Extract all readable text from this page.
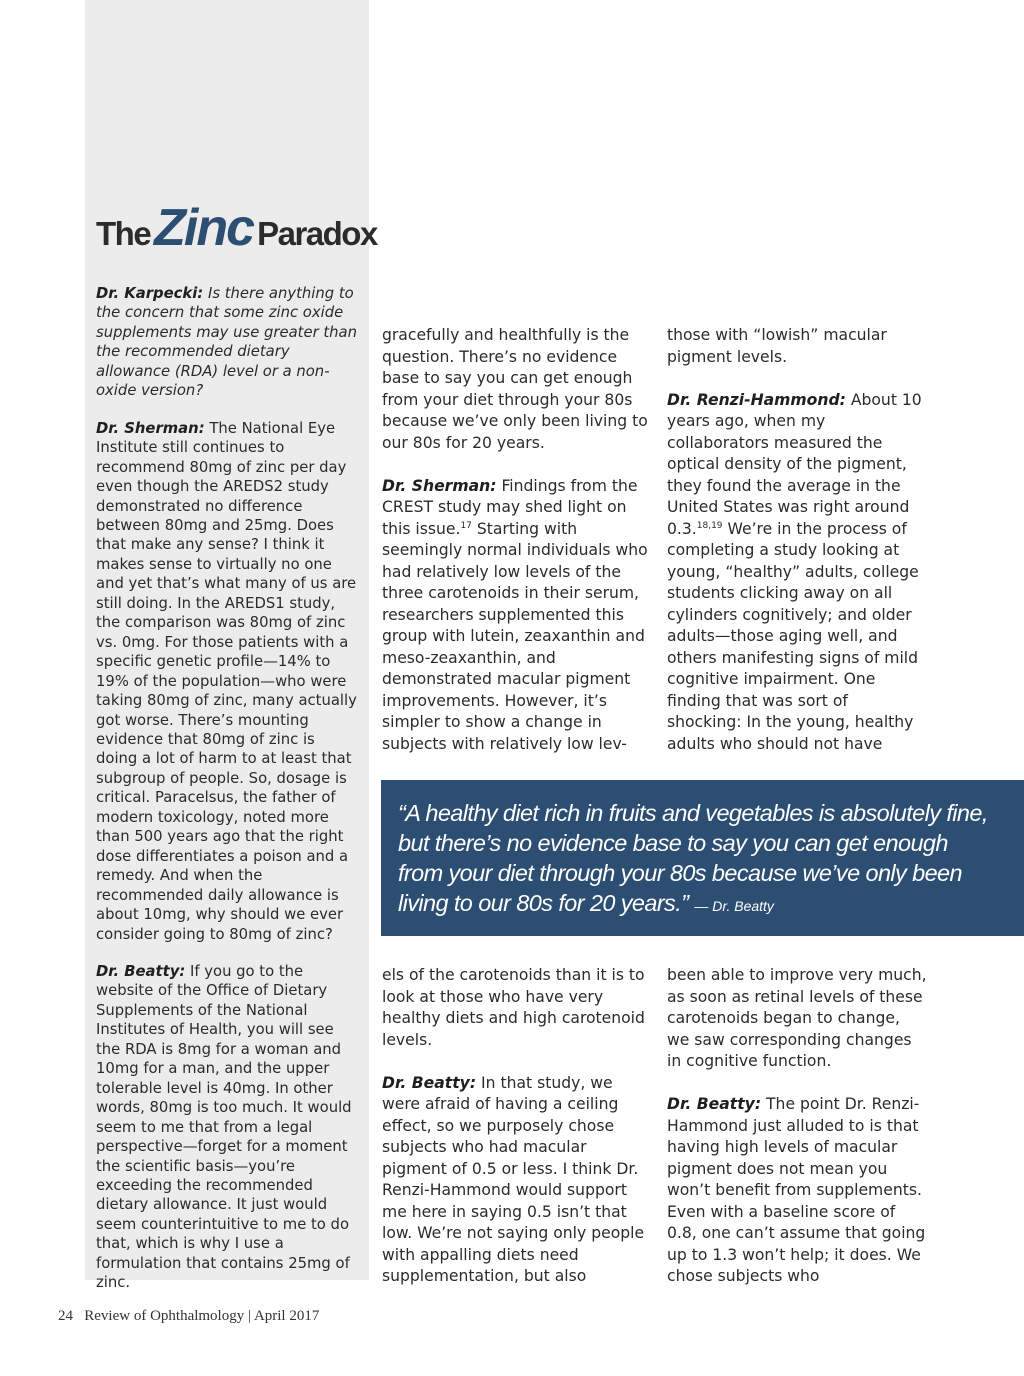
TheZinc Paradox

Dr. Karpecki: Is there anything to the concern that some zinc oxide supplements may use greater than the recommended dietary allowance (RDA) level or a non-oxide version?

Dr. Sherman: The National Eye Institute still continues to recommend 80mg of zinc per day even though the AREDS2 study demonstrated no difference between 80mg and 25mg. Does that make any sense? I think it makes sense to virtually no one and yet that’s what many of us are still doing. In the AREDS1 study, the comparison was 80mg of zinc vs. 0mg. For those patients with a specific genetic profile—14% to 19% of the population—who were taking 80mg of zinc, many actually got worse. There’s mounting evidence that 80mg of zinc is doing a lot of harm to at least that subgroup of people. So, dosage is critical. Paracelsus, the father of modern toxicology, noted more than 500 years ago that the right dose differentiates a poison and a remedy. And when the recommended daily allowance is about 10mg, why should we ever consider going to 80mg of zinc?

Dr. Beatty: If you go to the website of the Office of Dietary Supplements of the National Institutes of Health, you will see the RDA is 8mg for a woman and 10mg for a man, and the upper tolerable level is 40mg. In other words, 80mg is too much. It would seem to me that from a legal perspective—forget for a moment the scientific basis—you’re exceeding the recommended dietary allowance. It just would seem counterintuitive to me to do that, which is why I use a formulation that contains 25mg of zinc.

gracefully and healthfully is the question. There’s no evidence base to say you can get enough from your diet through your 80s because we’ve only been living to our 80s for 20 years.

Dr. Sherman: Findings from the CREST study may shed light on this issue.$^{17}$ Starting with seemingly normal individuals who had relatively low levels of the three carotenoids in their serum, researchers supplemented this group with lutein, zeaxanthin and meso-zeaxanthin, and demonstrated macular pigment improvements. However, it’s simpler to show a change in subjects with relatively low lev-

those with “lowish” macular pigment levels.

Dr. Renzi-Hammond: About 10 years ago, when my collaborators measured the optical density of the pigment, they found the average in the United States was right around 0.3.$^{18,19}$ We’re in the process of completing a study looking at young, “healthy” adults, college students clicking away on all cylinders cognitively; and older adults—those aging well, and others manifesting signs of mild cognitive impairment. One finding that was sort of shocking: In the young, healthy adults who should not have

“A healthy diet rich in fruits and vegetables is absolutely fine, but there’s no evidence base to say you can get enough from your diet through your 80s because we’ve only been living to our 80s for 20 years.” — Dr. Beatty

els of the carotenoids than it is to look at those who have very healthy diets and high carotenoid levels.

Dr. Beatty: In that study, we were afraid of having a ceiling effect, so we purposely chose subjects who had macular pigment of 0.5 or less. I think Dr. Renzi-Hammond would support me here in saying 0.5 isn’t that low. We’re not saying only people with appalling diets need supplementation, but also

been able to improve very much, as soon as retinal levels of these carotenoids began to change, we saw corresponding changes in cognitive function.

Dr. Beatty: The point Dr. Renzi-Hammond just alluded to is that having high levels of macular pigment does not mean you won’t benefit from supplements. Even with a baseline score of 0.8, one can’t assume that going up to 1.3 won’t help; it does. We chose subjects who

24 Review of Ophthalmology | April 2017
